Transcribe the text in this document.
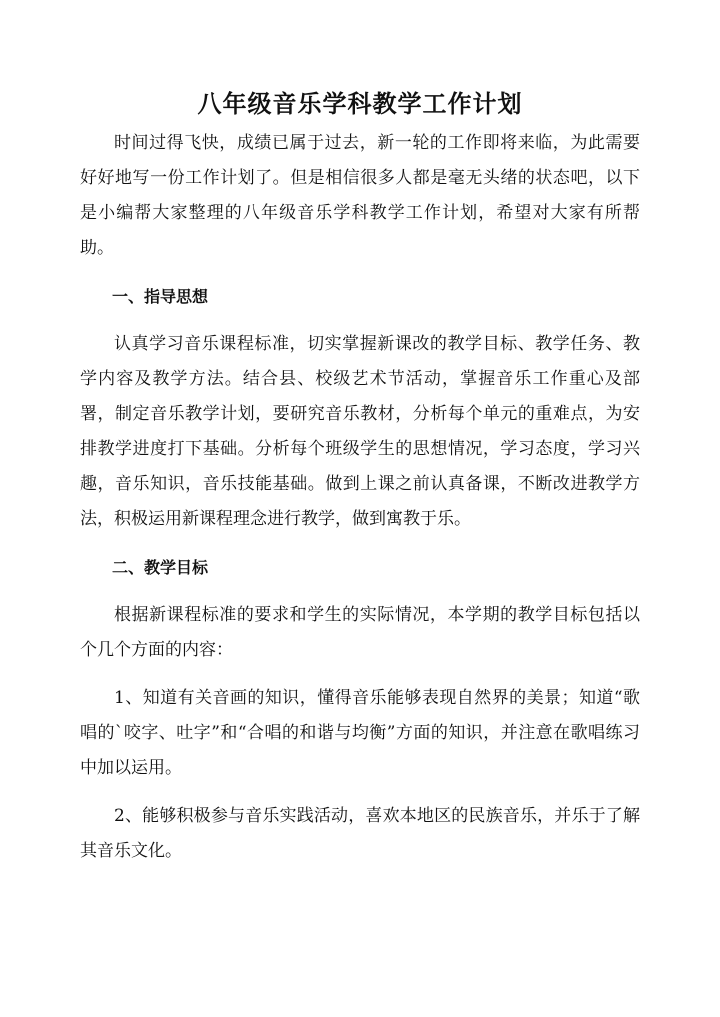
八年级音乐学科教学工作计划

时间过得飞快，成绩已属于过去，新一轮的工作即将来临，为此需要好好地写一份工作计划了。但是相信很多人都是毫无头绪的状态吧，以下是小编帮大家整理的八年级音乐学科教学工作计划，希望对大家有所帮助。

一、指导思想

认真学习音乐课程标准，切实掌握新课改的教学目标、教学任务、教学内容及教学方法。结合县、校级艺术节活动，掌握音乐工作重心及部署，制定音乐教学计划，要研究音乐教材，分析每个单元的重难点，为安排教学进度打下基础。分析每个班级学生的思想情况，学习态度，学习兴趣，音乐知识，音乐技能基础。做到上课之前认真备课，不断改进教学方法，积极运用新课程理念进行教学，做到寓教于乐。

二、教学目标

根据新课程标准的要求和学生的实际情况，本学期的教学目标包括以个几个方面的内容：

1、知道有关音画的知识，懂得音乐能够表现自然界的美景；知道“歌唱的`咬字、吐字”和“合唱的和谐与均衡”方面的知识，并注意在歌唱练习中加以运用。

2、能够积极参与音乐实践活动，喜欢本地区的民族音乐，并乐于了解其音乐文化。
